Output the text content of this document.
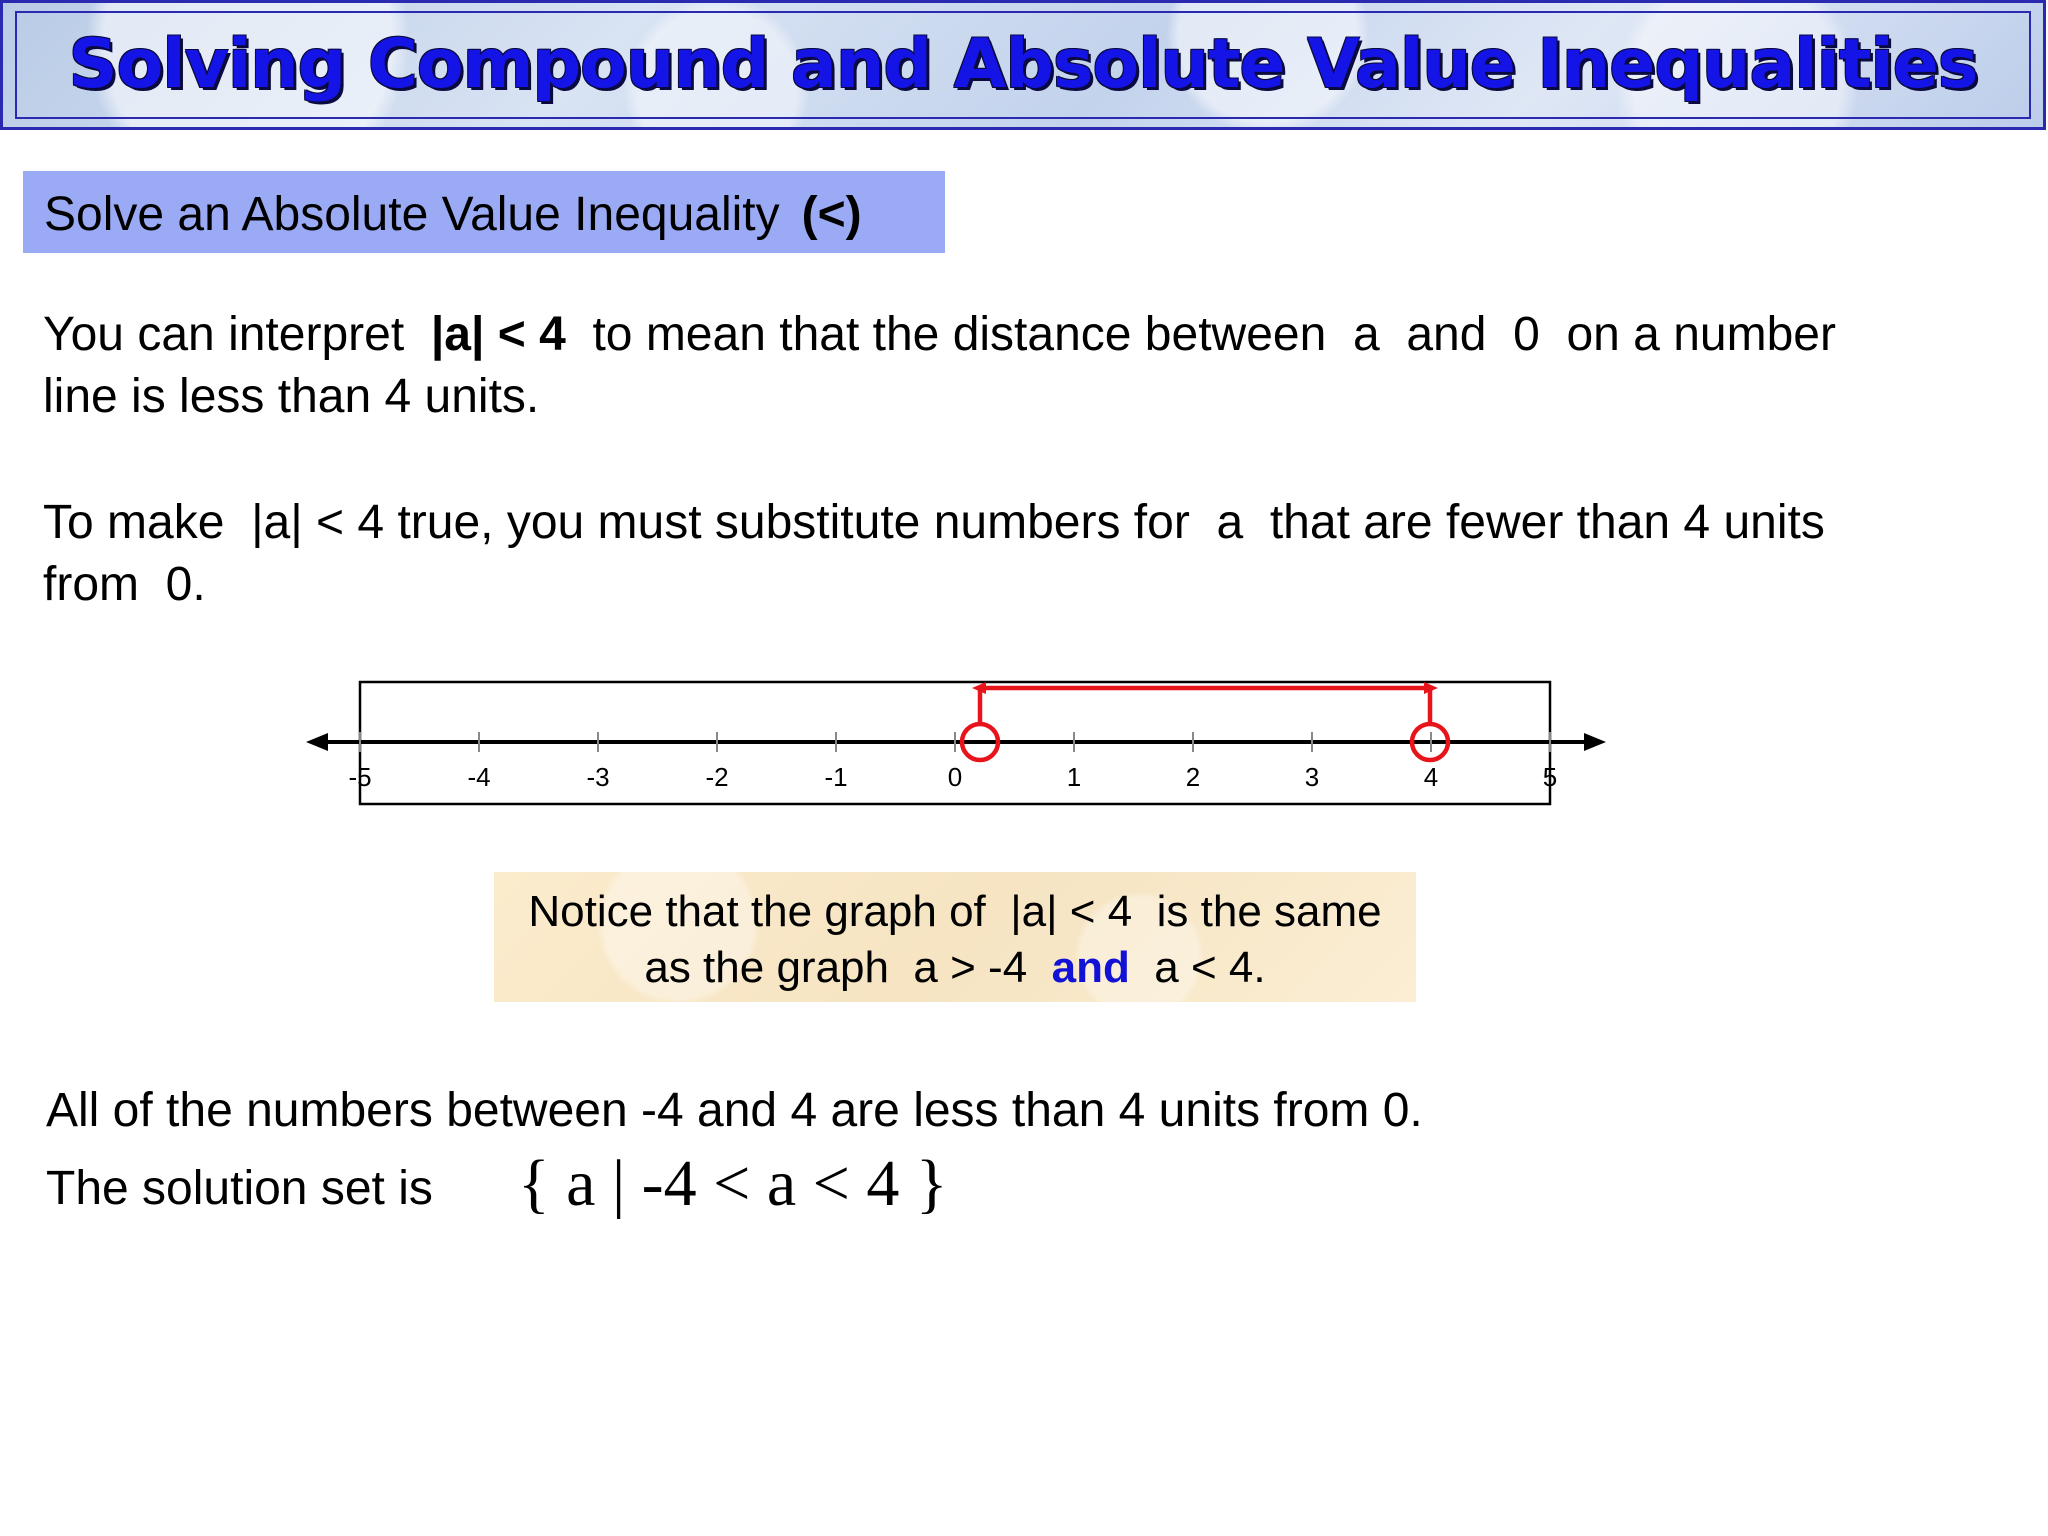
Solving Compound and Absolute Value Inequalities
Solve an Absolute Value Inequality (<)
You can interpret  |a| < 4  to mean that the distance between  a  and  0  on a number
line is less than 4 units.
To make  |a| < 4 true, you must substitute numbers for  a  that are fewer than 4 units
from  0.
-5	-4	-3	-2	-1	0	1	2	3	4	5
Notice that the graph of  |a| < 4  is the same
as the graph  a > -4  and  a < 4.
All of the numbers between -4 and 4 are less than 4 units from 0.
The solution set is { a | -4 < a < 4 }
